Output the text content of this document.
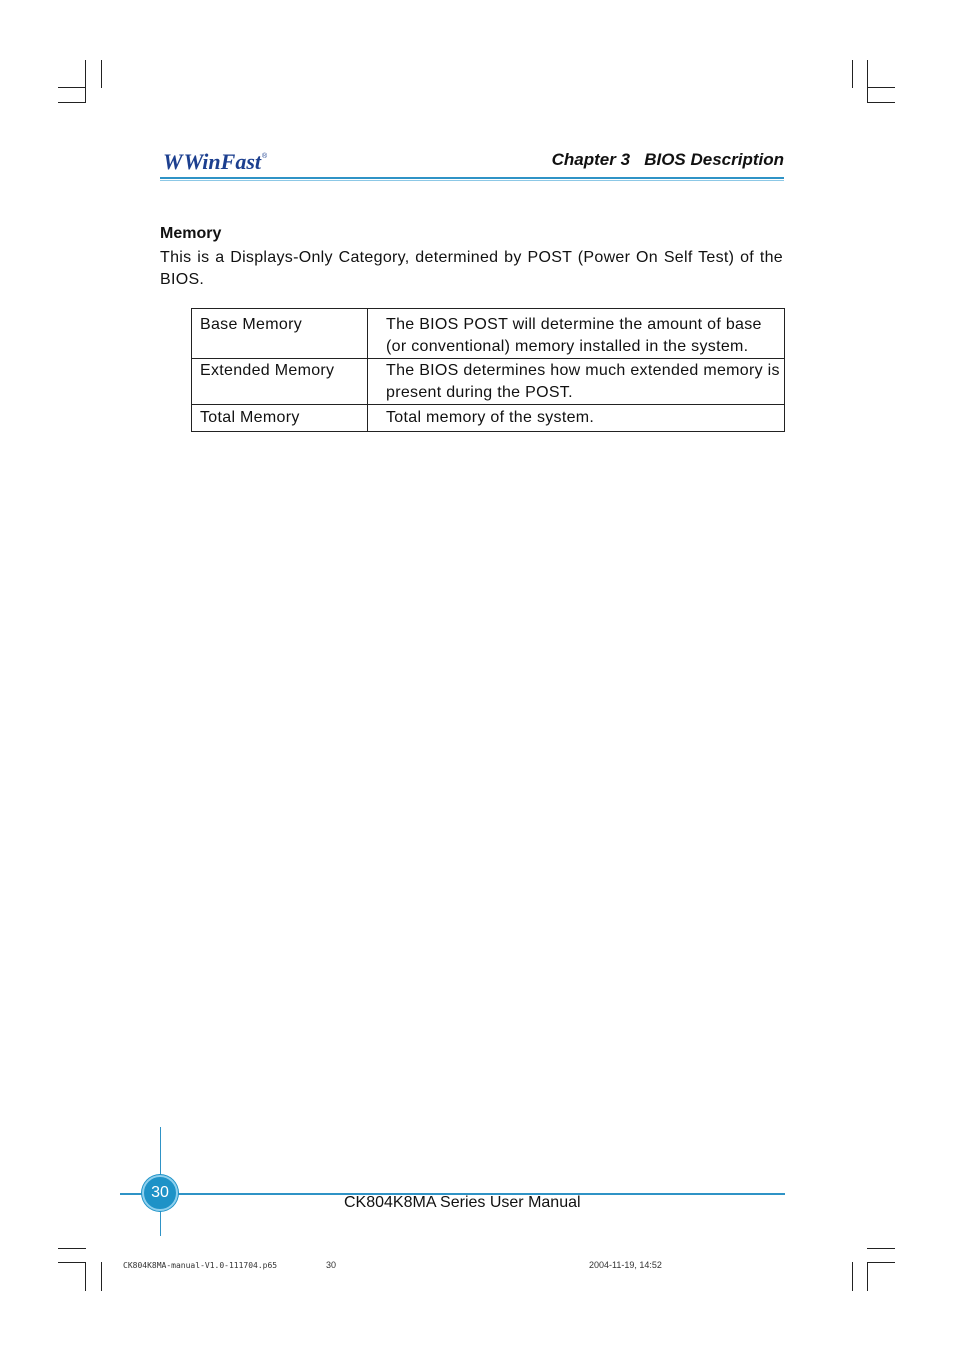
W WinFast ®	Chapter 3   BIOS Description
Memory
This is a Displays-Only Category, determined by POST (Power On Self Test) of the BIOS.
Base Memory	The BIOS POST will determine the amount of base (or conventional) memory installed in the system.

Extended Memory	The BIOS determines how much extended memory is present during the POST.

Total Memory	Total memory of the system.
30
CK804K8MA Series User Manual
CK804K8MA-manual-V1.0-111704.p65	30	2004-11-19, 14:52
